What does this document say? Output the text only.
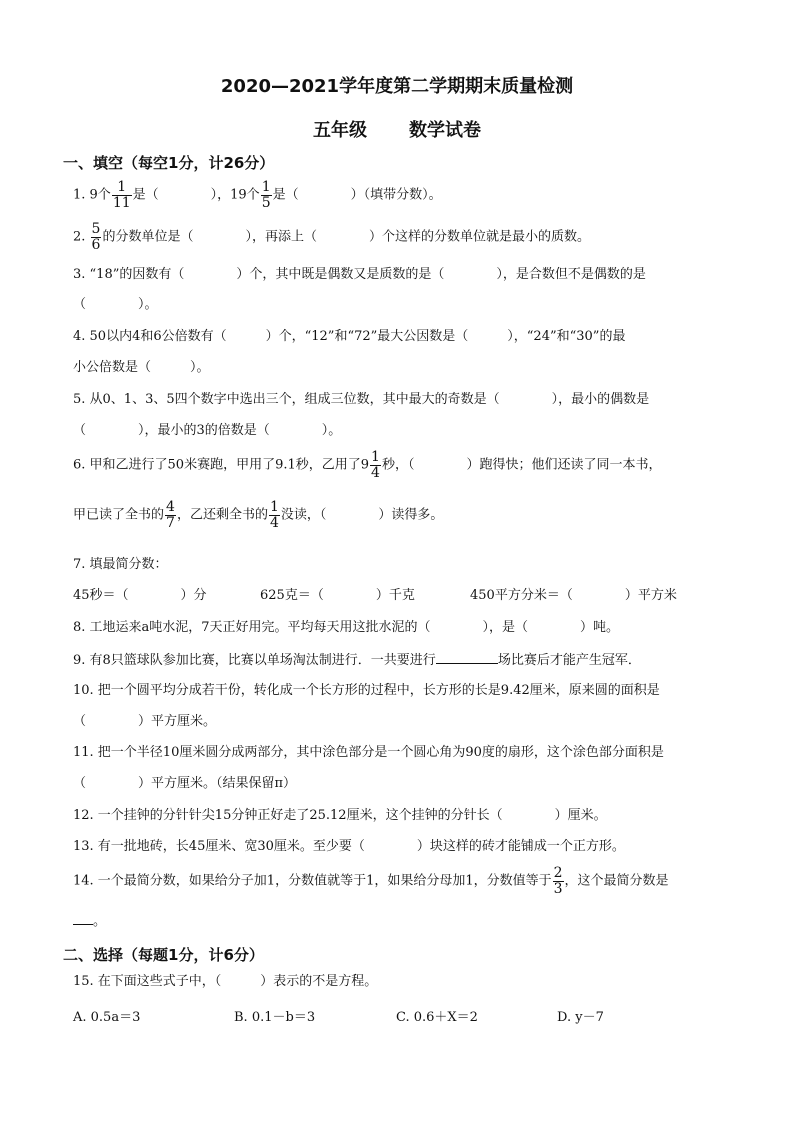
2020—2021学年度第二学期期末质量检测
五年级 数学试卷
一、填空（每空1分，计26分）
1. 9个 $\frac{1}{11}$ 是（　　　　），19个 $\frac{1}{5}$ 是（　　　　）（填带分数）。
2. $\frac{5}{6}$ 的分数单位是（　　　　），再添上（　　　　）个这样的分数单位就是最小的质数。
3. “18”的因数有（　　　　）个，其中既是偶数又是质数的是（　　　　），是合数但不是偶数的是
（　　　　）。
4. 50以内4和6公倍数有（　　　）个，“12”和“72”最大公因数是（　　　），“24”和“30”的最
小公倍数是（　　　）。
5. 从0、1、3、5四个数字中选出三个，组成三位数，其中最大的奇数是（　　　　），最小的偶数是
（　　　　），最小的3的倍数是（　　　　）。
6. 甲和乙进行了50米赛跑，甲用了9.1秒，乙用了$9 \frac{1}{4}$ 秒，（　　　　）跑得快；他们还读了同一本书，
甲已读了全书的 $\frac{4}{7}$ ，乙还剩全书的 $\frac{1}{4}$ 没读，（　　　　）读得多。
7. 填最简分数：
45秒＝（　　　　）分	625克＝（　　　　）千克	450平方分米＝（　　　　）平方米
8. 工地运来a吨水泥，7天正好用完。平均每天用这批水泥的（　　　　），是（　　　　）吨。
9. 有8只篮球队参加比赛，比赛以单场淘汰制进行．一共要进行	场比赛后才能产生冠军．
10. 把一个圆平均分成若干份，转化成一个长方形的过程中，长方形的长是9.42厘米，原来圆的面积是
（　　　　）平方厘米。
11. 把一个半径10厘米圆分成两部分，其中涂色部分是一个圆心角为90度的扇形，这个涂色部分面积是
（　　　　）平方厘米。（结果保留π）
12. 一个挂钟的分针针尖15分钟正好走了25.12厘米，这个挂钟的分针长（　　　　）厘米。
13. 有一批地砖，长45厘米、宽30厘米。至少要（　　　　）块这样的砖才能铺成一个正方形。
14. 一个最简分数，如果给分子加1，分数值就等于1，如果给分母加1，分数值等于 $\frac{2}{3}$ ，这个最简分数是
。
二、选择（每题1分，计6分）
15. 在下面这些式子中，（　　　）表示的不是方程。
A. 0.5a＝3	B. 0.1－b＝3	C. 0.6＋X＝2	D. y－7
